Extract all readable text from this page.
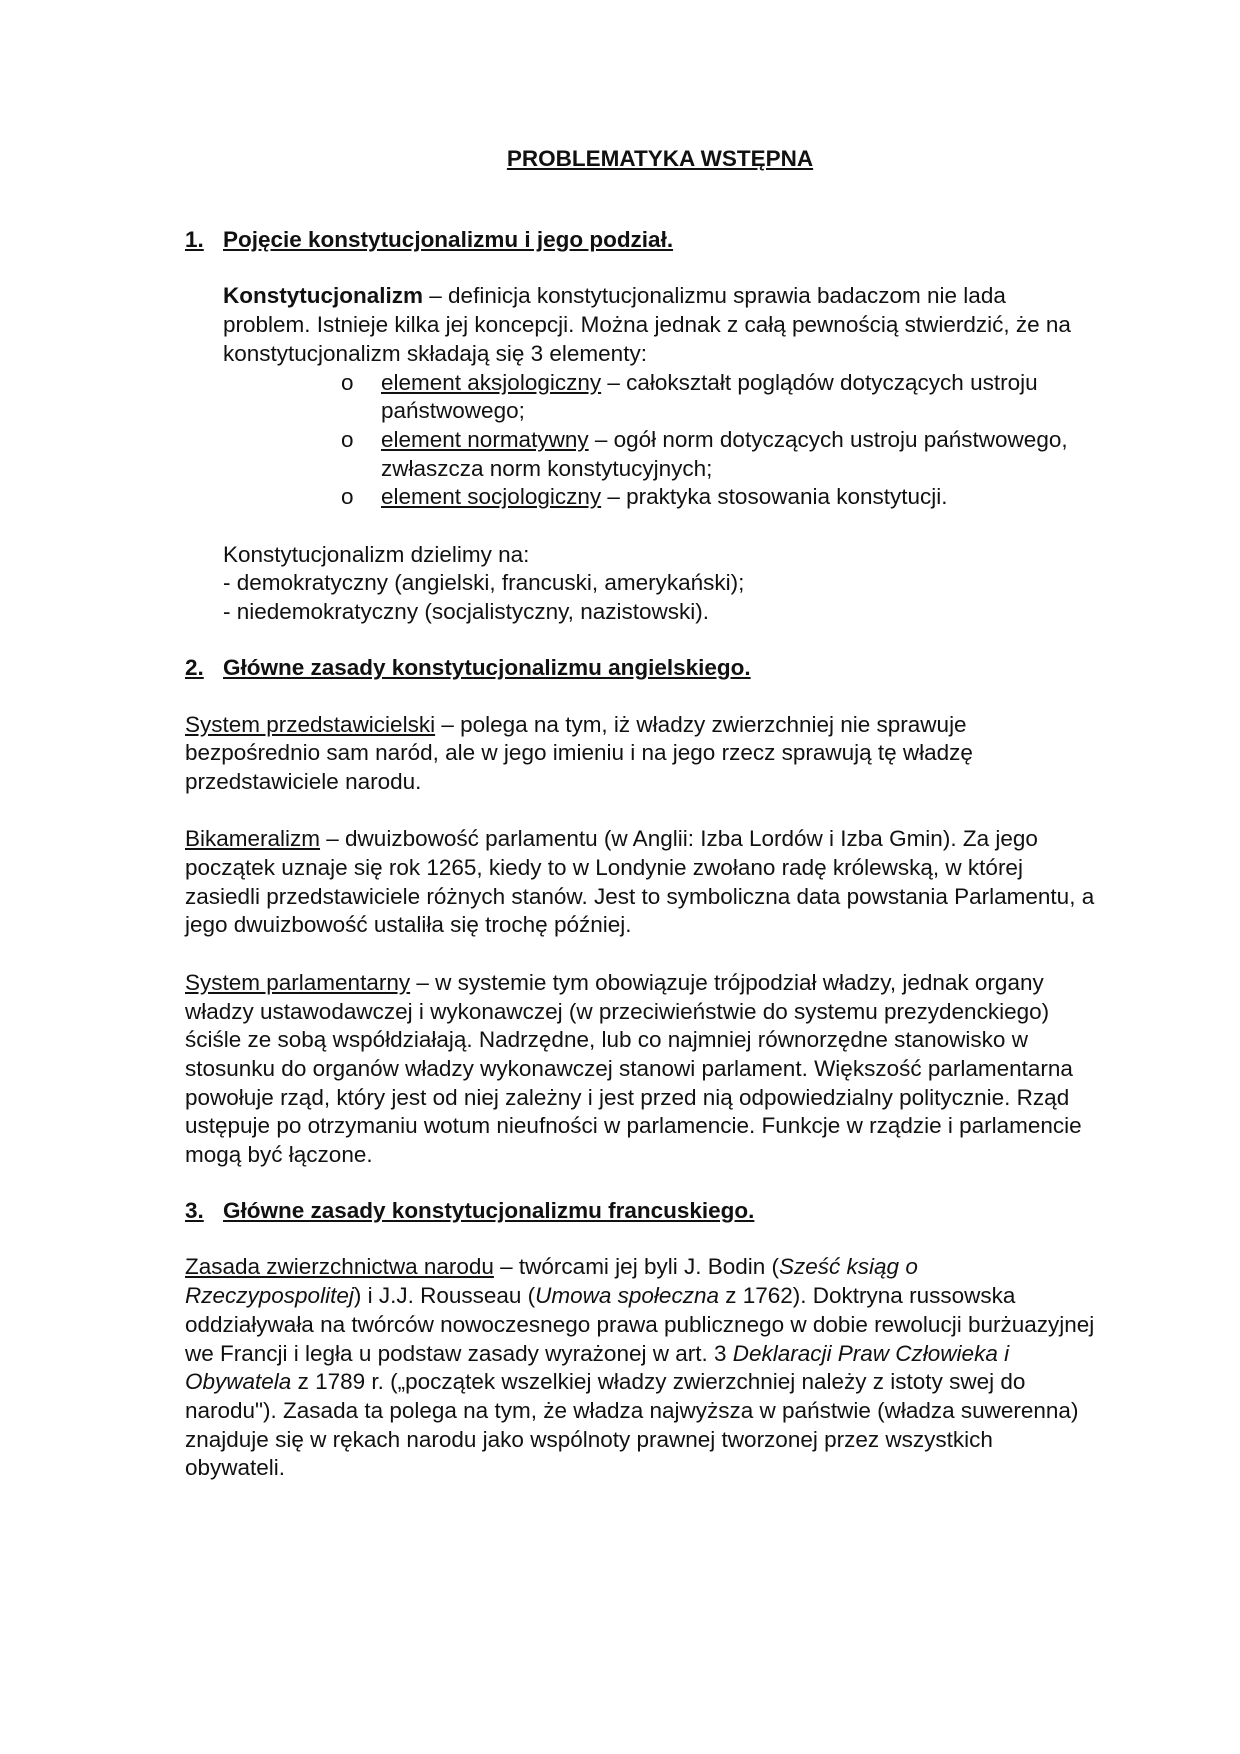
PROBLEMATYKA WSTĘPNA
1. Pojęcie konstytucjonalizmu i jego podział.

Konstytucjonalizm – definicja konstytucjonalizmu sprawia badaczom nie lada problem. Istnieje kilka jej koncepcji. Można jednak z całą pewnością stwierdzić, że na konstytucjonalizm składają się 3 elementy:

o	element aksjologiczny – całokształt poglądów dotyczących ustroju państwowego;
o	element normatywny – ogół norm dotyczących ustroju państwowego, zwłaszcza norm konstytucyjnych;
o	element socjologiczny – praktyka stosowania konstytucji.

Konstytucjonalizm dzielimy na:

- demokratyczny (angielski, francuski, amerykański);

- niedemokratyczny (socjalistyczny, nazistowski).

2. Główne zasady konstytucjonalizmu angielskiego.

System przedstawicielski – polega na tym, iż władzy zwierzchniej nie sprawuje bezpośrednio sam naród, ale w jego imieniu i na jego rzecz sprawują tę władzę przedstawiciele narodu.

Bikameralizm – dwuizbowość parlamentu (w Anglii: Izba Lordów i Izba Gmin). Za jego początek uznaje się rok 1265, kiedy to w Londynie zwołano radę królewską, w której zasiedli przedstawiciele różnych stanów. Jest to symboliczna data powstania Parlamentu, a jego dwuizbowość ustaliła się trochę później.

System parlamentarny – w systemie tym obowiązuje trójpodział władzy, jednak organy władzy ustawodawczej i wykonawczej (w przeciwieństwie do systemu prezydenckiego) ściśle ze sobą współdziałają. Nadrzędne, lub co najmniej równorzędne stanowisko w stosunku do organów władzy wykonawczej stanowi parlament. Większość parlamentarna powołuje rząd, który jest od niej zależny i jest przed nią odpowiedzialny politycznie. Rząd ustępuje po otrzymaniu wotum nieufności w parlamencie. Funkcje w rządzie i parlamencie mogą być łączone.

3. Główne zasady konstytucjonalizmu francuskiego.

Zasada zwierzchnictwa narodu – twórcami jej byli J. Bodin (Sześć ksiąg o Rzeczypospolitej) i J.J. Rousseau (Umowa społeczna z 1762). Doktryna russowska oddziaływała na twórców nowoczesnego prawa publicznego w dobie rewolucji burżuazyjnej we Francji i legła u podstaw zasady wyrażonej w art. 3 Deklaracji Praw Człowieka i Obywatela z 1789 r. („początek wszelkiej władzy zwierzchniej należy z istoty swej do narodu"). Zasada ta polega na tym, że władza najwyższa w państwie (władza suwerenna) znajduje się w rękach narodu jako wspólnoty prawnej tworzonej przez wszystkich obywateli.
